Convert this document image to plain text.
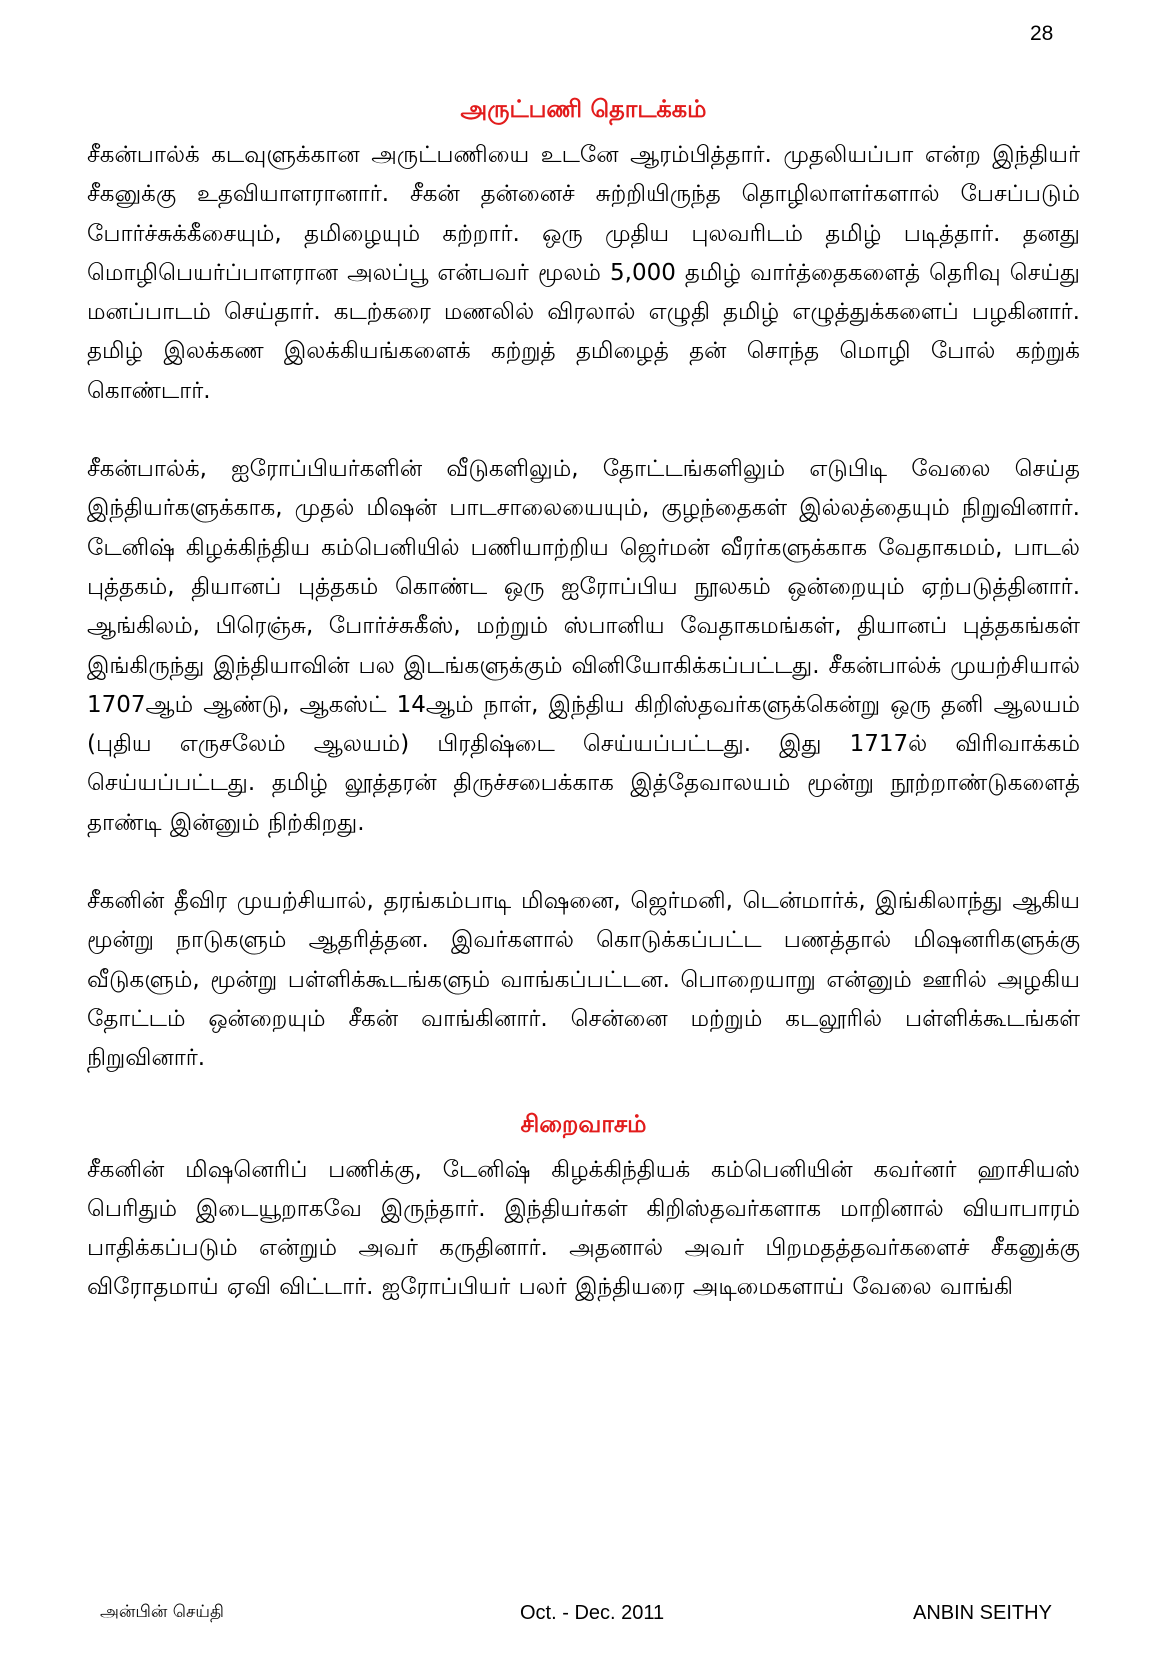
28
அருட்பணி தொடக்கம்

சீகன்பால்க் கடவுளுக்கான அருட்பணியை உடனே ஆரம்பித்தார். முதலியப்பா என்ற இந்தியர் சீகனுக்கு உதவியாளரானார். சீகன் தன்னைச் சுற்றியிருந்த தொழிலாளர்களால் பேசப்படும் போர்ச்சுக்கீசையும், தமிழையும் கற்றார். ஒரு முதிய புலவரிடம் தமிழ் படித்தார். தனது மொழிபெயர்ப்பாளரான அலப்பூ என்பவர் மூலம் 5,000 தமிழ் வார்த்தைகளைத் தெரிவு செய்து மனப்பாடம் செய்தார். கடற்கரை மணலில் விரலால் எழுதி தமிழ் எழுத்துக்களைப் பழகினார். தமிழ் இலக்கண இலக்கியங்களைக் கற்றுத் தமிழைத் தன் சொந்த மொழி போல் கற்றுக் கொண்டார்.

சீகன்பால்க், ஐரோப்பியர்களின் வீடுகளிலும், தோட்டங்களிலும் எடுபிடி வேலை செய்த இந்தியர்களுக்காக, முதல் மிஷன் பாடசாலையையும், குழந்தைகள் இல்லத்தையும் நிறுவினார். டேனிஷ் கிழக்கிந்திய கம்பெனியில் பணியாற்றிய ஜெர்மன் வீரர்களுக்காக வேதாகமம், பாடல் புத்தகம், தியானப் புத்தகம் கொண்ட ஒரு ஐரோப்பிய நூலகம் ஒன்றையும் ஏற்படுத்தினார். ஆங்கிலம், பிரெஞ்சு, போர்ச்சுகீஸ், மற்றும் ஸ்பானிய வேதாகமங்கள், தியானப் புத்தகங்கள் இங்கிருந்து இந்தியாவின் பல இடங்களுக்கும் வினியோகிக்கப்பட்டது. சீகன்பால்க் முயற்சியால் 1707ஆம் ஆண்டு, ஆகஸ்ட் 14ஆம் நாள், இந்திய கிறிஸ்தவர்களுக்கென்று ஒரு தனி ஆலயம் (புதிய எருசலேம் ஆலயம்) பிரதிஷ்டை செய்யப்பட்டது. இது 1717ல் விரிவாக்கம் செய்யப்பட்டது. தமிழ் லூத்தரன் திருச்சபைக்காக இத்தேவாலயம் மூன்று நூற்றாண்டுகளைத் தாண்டி இன்னும் நிற்கிறது.

சீகனின் தீவிர முயற்சியால், தரங்கம்பாடி மிஷனை, ஜெர்மனி, டென்மார்க், இங்கிலாந்து ஆகிய மூன்று நாடுகளும் ஆதரித்தன. இவர்களால் கொடுக்கப்பட்ட பணத்தால் மிஷனரிகளுக்கு வீடுகளும், மூன்று பள்ளிக்கூடங்களும் வாங்கப்பட்டன. பொறையாறு என்னும் ஊரில் அழகிய தோட்டம் ஒன்றையும் சீகன் வாங்கினார். சென்னை மற்றும் கடலூரில் பள்ளிக்கூடங்கள் நிறுவினார்.

சிறைவாசம்

சீகனின் மிஷனெரிப் பணிக்கு, டேனிஷ் கிழக்கிந்தியக் கம்பெனியின் கவர்னர் ஹாசியஸ் பெரிதும் இடையூறாகவே இருந்தார். இந்தியர்கள் கிறிஸ்தவர்களாக மாறினால் வியாபாரம் பாதிக்கப்படும் என்றும் அவர் கருதினார். அதனால் அவர் பிறமதத்தவர்களைச் சீகனுக்கு விரோதமாய் ஏவி விட்டார். ஐரோப்பியர் பலர் இந்தியரை அடிமைகளாய் வேலை வாங்கி

அன்பின் செய்தி	Oct. - Dec. 2011	ANBIN SEITHY
